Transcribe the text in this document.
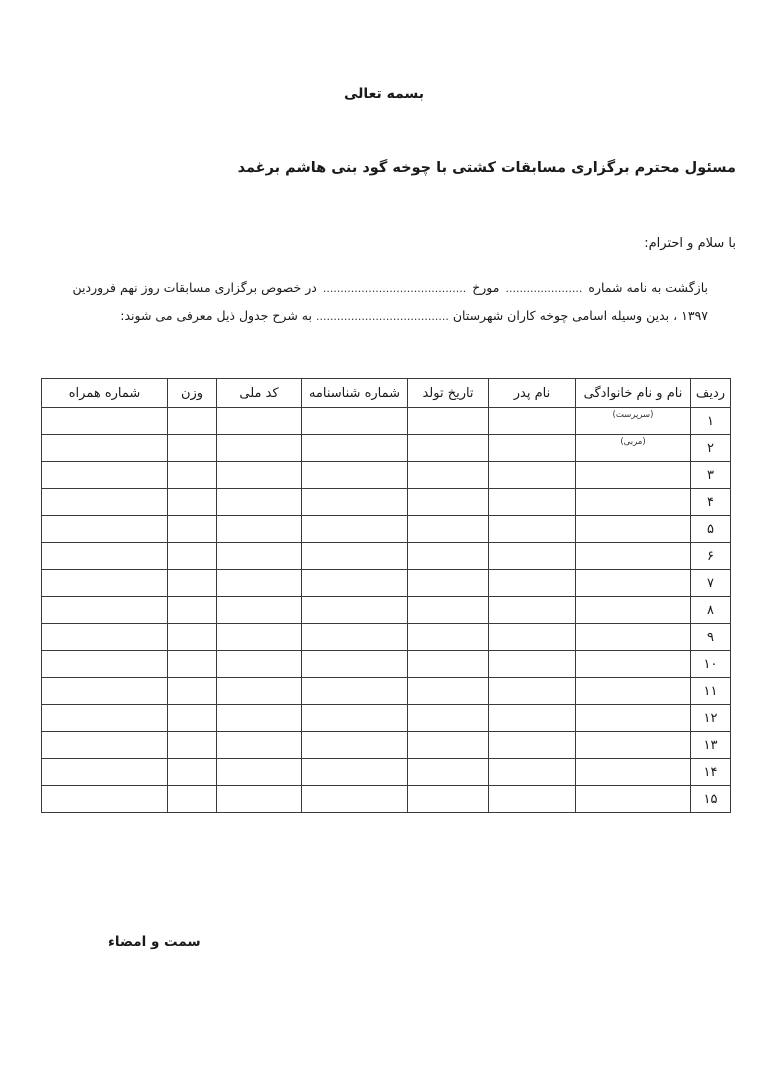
بسمه تعالی
مسئول محترم برگزاری مسابقات کشتی با چوخه گود بنی هاشم برغمد
با سلام و احترام:
بازگشت به نامه شماره
......................
مورخ
.........................................
در خصوص برگزاری مسابقات روز نهم فروردین
۱۳۹۷ ، بدین وسیله اسامی چوخه کاران شهرستان
......................................
به شرح جدول ذیل معرفی می شوند:
ردیف	نام و نام خانوادگی	نام پدر	تاریخ تولد	شماره شناسنامه	کد ملی	وزن	شماره همراه
۱	(سرپرست)						

۲	(مربی)						

۳							
۴							
۵							
۶							
۷							
۸							
۹							
۱۰							
۱۱							
۱۲							
۱۳							
۱۴							
۱۵							
سمت و امضاء
